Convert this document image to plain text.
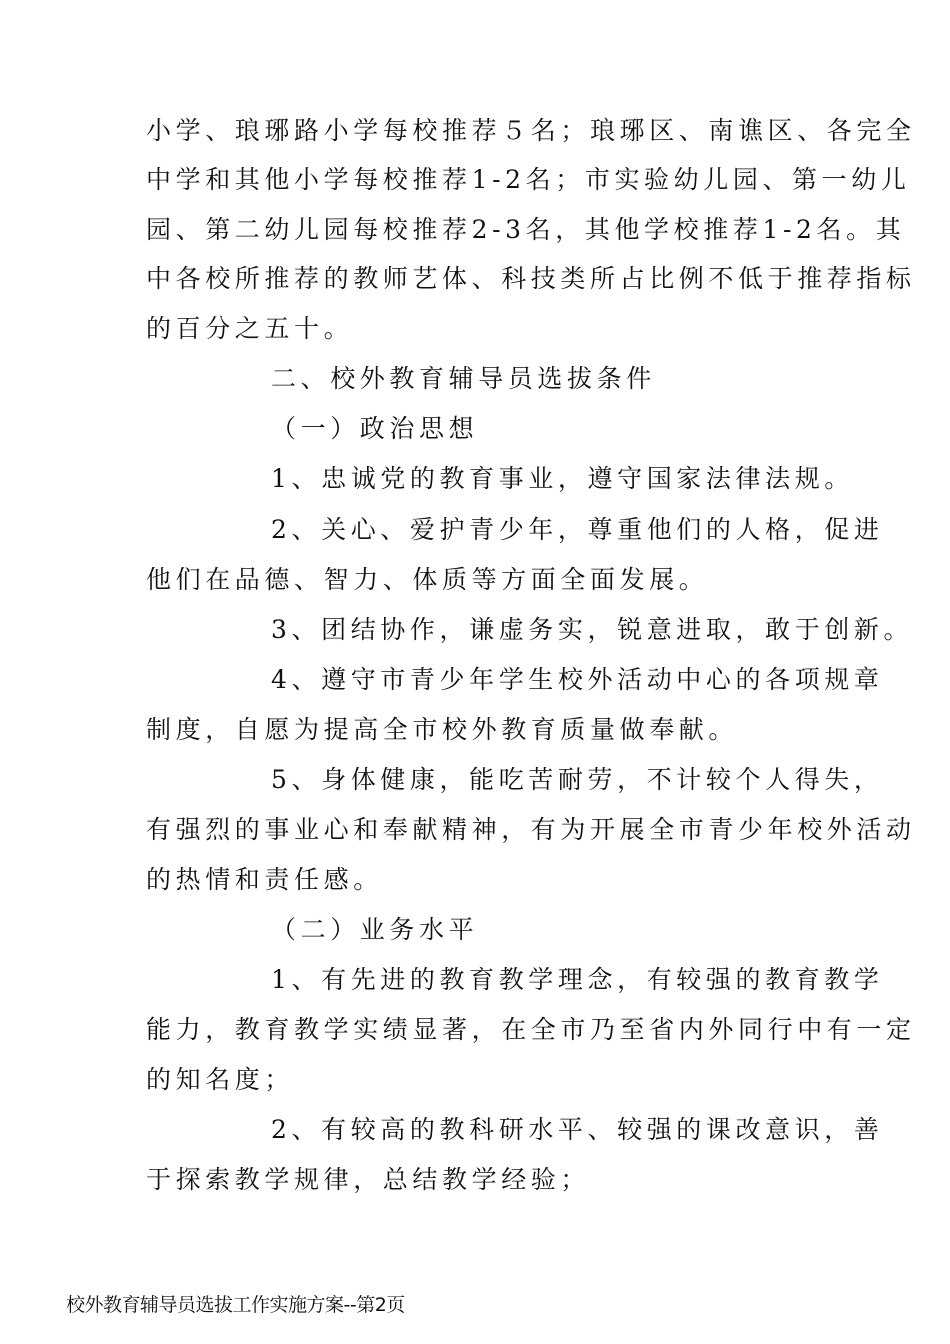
小学、琅琊路小学每校推荐５名；琅琊区、南谯区、各完全
中学和其他小学每校推荐1-2名；市实验幼儿园、第一幼儿
园、第二幼儿园每校推荐2-3名，其他学校推荐1-2名。其
中各校所推荐的教师艺体、科技类所占比例不低于推荐指标
的百分之五十。
二、校外教育辅导员选拔条件
（一）政治思想
1、忠诚党的教育事业，遵守国家法律法规。
2、关心、爱护青少年，尊重他们的人格，促进
他们在品德、智力、体质等方面全面发展。
3、团结协作，谦虚务实，锐意进取，敢于创新。
4、遵守市青少年学生校外活动中心的各项规章
制度，自愿为提高全市校外教育质量做奉献。
5、身体健康，能吃苦耐劳，不计较个人得失，
有强烈的事业心和奉献精神，有为开展全市青少年校外活动
的热情和责任感。
（二）业务水平
1、有先进的教育教学理念，有较强的教育教学
能力，教育教学实绩显著，在全市乃至省内外同行中有一定
的知名度；
2、有较高的教科研水平、较强的课改意识，善
于探索教学规律，总结教学经验；
校外教育辅导员选拔工作实施方案--第2页
